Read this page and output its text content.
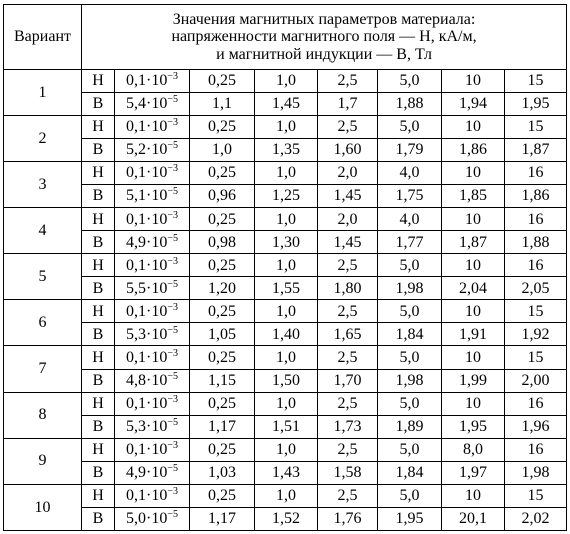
Вариант	Значения магнитных параметров материала:
напряженности магнитного поля — H, кА/м,
и магнитной индукции — B, Тл							

1	H	$0,1\cdot 10^{-3}$	0,25	1,0	2,5	5,0	10	15
	B	$5,4\cdot 10^{-5}$	1,1	1,45	1,7	1,88	1,94	1,95
2	H	$0,1\cdot 10^{-3}$	0,25	1,0	2,5	5,0	10	15
	B	$5,2\cdot 10^{-5}$	1,0	1,35	1,60	1,79	1,86	1,87
3	H	$0,1\cdot 10^{-3}$	0,25	1,0	2,0	4,0	10	16
	B	$5,1\cdot 10^{-5}$	0,96	1,25	1,45	1,75	1,85	1,86
4	H	$0,1\cdot 10^{-3}$	0,25	1,0	2,0	4,0	10	16
	B	$4,9\cdot 10^{-5}$	0,98	1,30	1,45	1,77	1,87	1,88
5	H	$0,1\cdot 10^{-3}$	0,25	1,0	2,5	5,0	10	16
	B	$5,5\cdot 10^{-5}$	1,20	1,55	1,80	1,98	2,04	2,05
6	H	$0,1\cdot 10^{-3}$	0,25	1,0	2,5	5,0	10	15
	B	$5,3\cdot 10^{-5}$	1,05	1,40	1,65	1,84	1,91	1,92
7	H	$0,1\cdot 10^{-3}$	0,25	1,0	2,5	5,0	10	15
	B	$4,8\cdot 10^{-5}$	1,15	1,50	1,70	1,98	1,99	2,00
8	H	$0,1\cdot 10^{-3}$	0,25	1,0	2,5	5,0	10	16
	B	$5,3\cdot 10^{-5}$	1,17	1,51	1,73	1,89	1,95	1,96
9	H	$0,1\cdot 10^{-3}$	0,25	1,0	2,5	5,0	8,0	16
	B	$4,9\cdot 10^{-5}$	1,03	1,43	1,58	1,84	1,97	1,98
10	H	$0,1\cdot 10^{-3}$	0,25	1,0	2,5	5,0	10	15
	B	$5,0\cdot 10^{-5}$	1,17	1,52	1,76	1,95	20,1	2,02
